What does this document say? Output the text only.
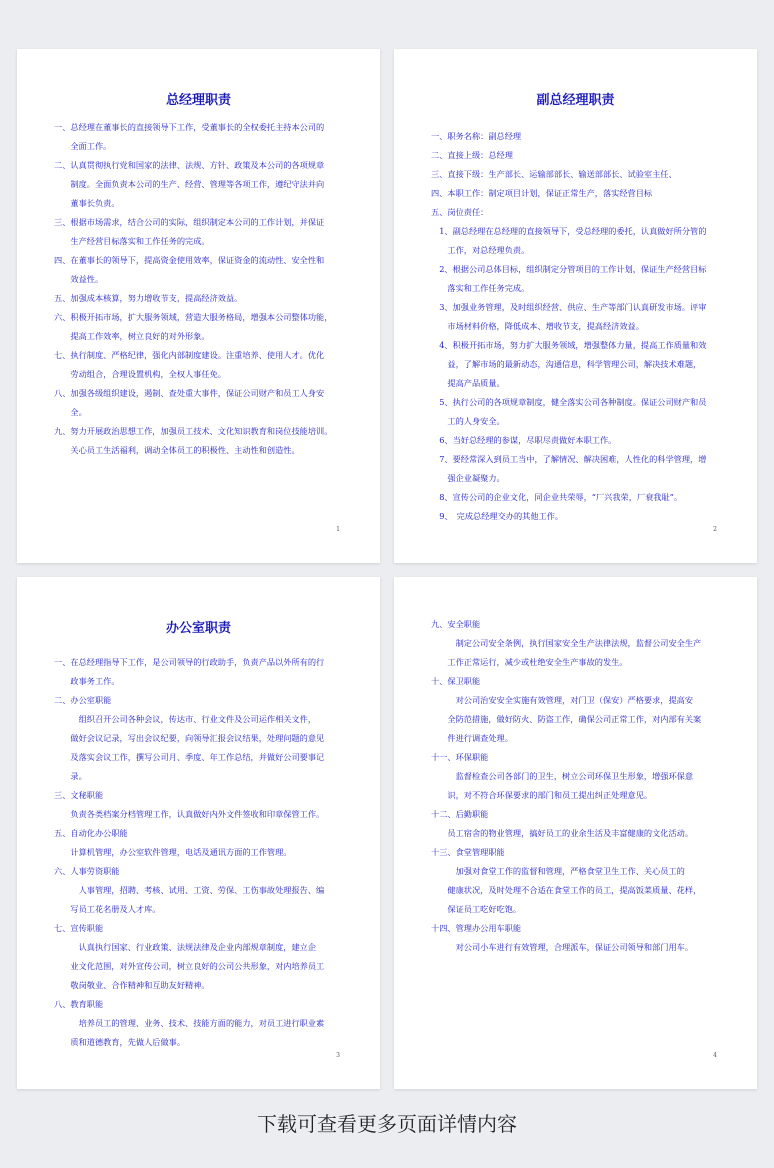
总经理职责

一、总经理在董事长的直接领导下工作，受董事长的全权委托主持本公司的

　　全面工作。

二、认真贯彻执行党和国家的法律、法规、方针、政策及本公司的各项规章

　　制度。全面负责本公司的生产、经营、管理等各项工作，遵纪守法并向

　　董事长负责。

三、根据市场需求，结合公司的实际，组织制定本公司的工作计划，并保证

　　生产经营目标落实和工作任务的完成。

四、在董事长的领导下，提高资金使用效率，保证资金的流动性、安全性和

　　效益性。

五、加强成本核算，努力增收节支，提高经济效益。

六、积极开拓市场，扩大服务领域，营造大服务格局，增强本公司整体功能，

　　提高工作效率，树立良好的对外形象。

七、执行制度、严格纪律，强化内部制度建设。注重培养、使用人才。优化

　　劳动组合，合理设置机构，全权人事任免。

八、加强各级组织建设，遏制、查处重大事件，保证公司财产和员工人身安

　　全。

九、努力开展政治思想工作，加强员工技术、文化知识教育和岗位技能培训。

　　关心员工生活福利，调动全体员工的积极性、主动性和创造性。

1
副总经理职责

一、职务名称：副总经理

二、直接上级：总经理

三、直接下级：生产部长、运输部部长、输送部部长、试验室主任、

四、本职工作：制定项目计划，保证正常生产，落实经营目标

五、岗位责任：

　1、副总经理在总经理的直接领导下，受总经理的委托，认真做好所分管的

　　工作，对总经理负责。

　2、根据公司总体目标，组织制定分管项目的工作计划，保证生产经营目标

　　落实和工作任务完成。

　3、加强业务管理，及时组织经营、供应、生产等部门认真研发市场。评审

　　市场材料价格，降低成本、增收节支，提高经济效益。

　4、积极开拓市场，努力扩大服务领域，增强整体力量，提高工作质量和效

　　益，了解市场的最新动态，沟通信息，科学管理公司，解决技术难题，

　　提高产品质量。

　5、执行公司的各项规章制度，健全落实公司各种制度。保证公司财产和员

　　工的人身安全。

　6、当好总经理的参谋，尽职尽责做好本职工作。

　7、要经常深入到员工当中，了解情况、解决困难，人性化的科学管理，增

　　强企业凝聚力。

　8、宣传公司的企业文化，同企业共荣辱，“厂兴我荣，厂衰我耻”。

　9、　完成总经理交办的其他工作。

2
办公室职责

一、在总经理指导下工作，是公司领导的行政助手，负责产品以外所有的行

　　政事务工作。

二、办公室职能

　　　组织召开公司各种会议，传达市、行业文件及公司运作相关文件，

　　做好会议记录，写出会议纪要，向领导汇报会议结果，处理问题的意见

　　及落实会议工作，撰写公司月、季度、年工作总结，并做好公司要事记

　　录。

三、文秘职能

　　负责各类档案分档管理工作，认真做好内外文件签收和印章保管工作。

五、自动化办公职能

　　计算机管理，办公室软件管理，电话及通讯方面的工作管理。

六、人事劳资职能

　　　人事管理，招聘、考核、试用、工资、劳保、工伤事故处理报告、编

　　写员工花名册及人才库。

七、宣传职能

　　　认真执行国家、行业政策、法规法律及企业内部规章制度，建立企

　　业文化范围，对外宣传公司，树立良好的公司公共形象，对内培养员工

　　敬岗敬业、合作精神和互助友好精神。

八、教育职能

　　　培养员工的管理、业务、技术、技能方面的能力，对员工进行职业素

　　质和道德教育，先做人后做事。

3

九、安全职能

　　　制定公司安全条例，执行国家安全生产法律法规，监督公司安全生产

　　工作正常运行，减少或杜绝安全生产事故的发生。

十、保卫职能

　　　对公司治安安全实施有效管理，对门卫（保安）严格要求，提高安

　　全防范措施，做好防火、防盗工作，确保公司正常工作，对内部有关案

　　件进行调查处理。

十一、环保职能

　　　监督检查公司各部门的卫生，树立公司环保卫生形象，增强环保意

　　识，对不符合环保要求的部门和员工提出纠正处理意见。

十二、后勤职能

　　员工宿舍的物业管理，搞好员工的业余生活及丰富健康的文化活动。

十三、食堂管理职能

　　　加强对食堂工作的监督和管理，严格食堂卫生工作、关心员工的

　　健康状况，及时处理不合适在食堂工作的员工，提高饭菜质量、花样，

　　保证员工吃好吃饱。

十四、管理办公用车职能

　　　对公司小车进行有效管理，合理派车，保证公司领导和部门用车。

4
下载可查看更多页面详情内容
